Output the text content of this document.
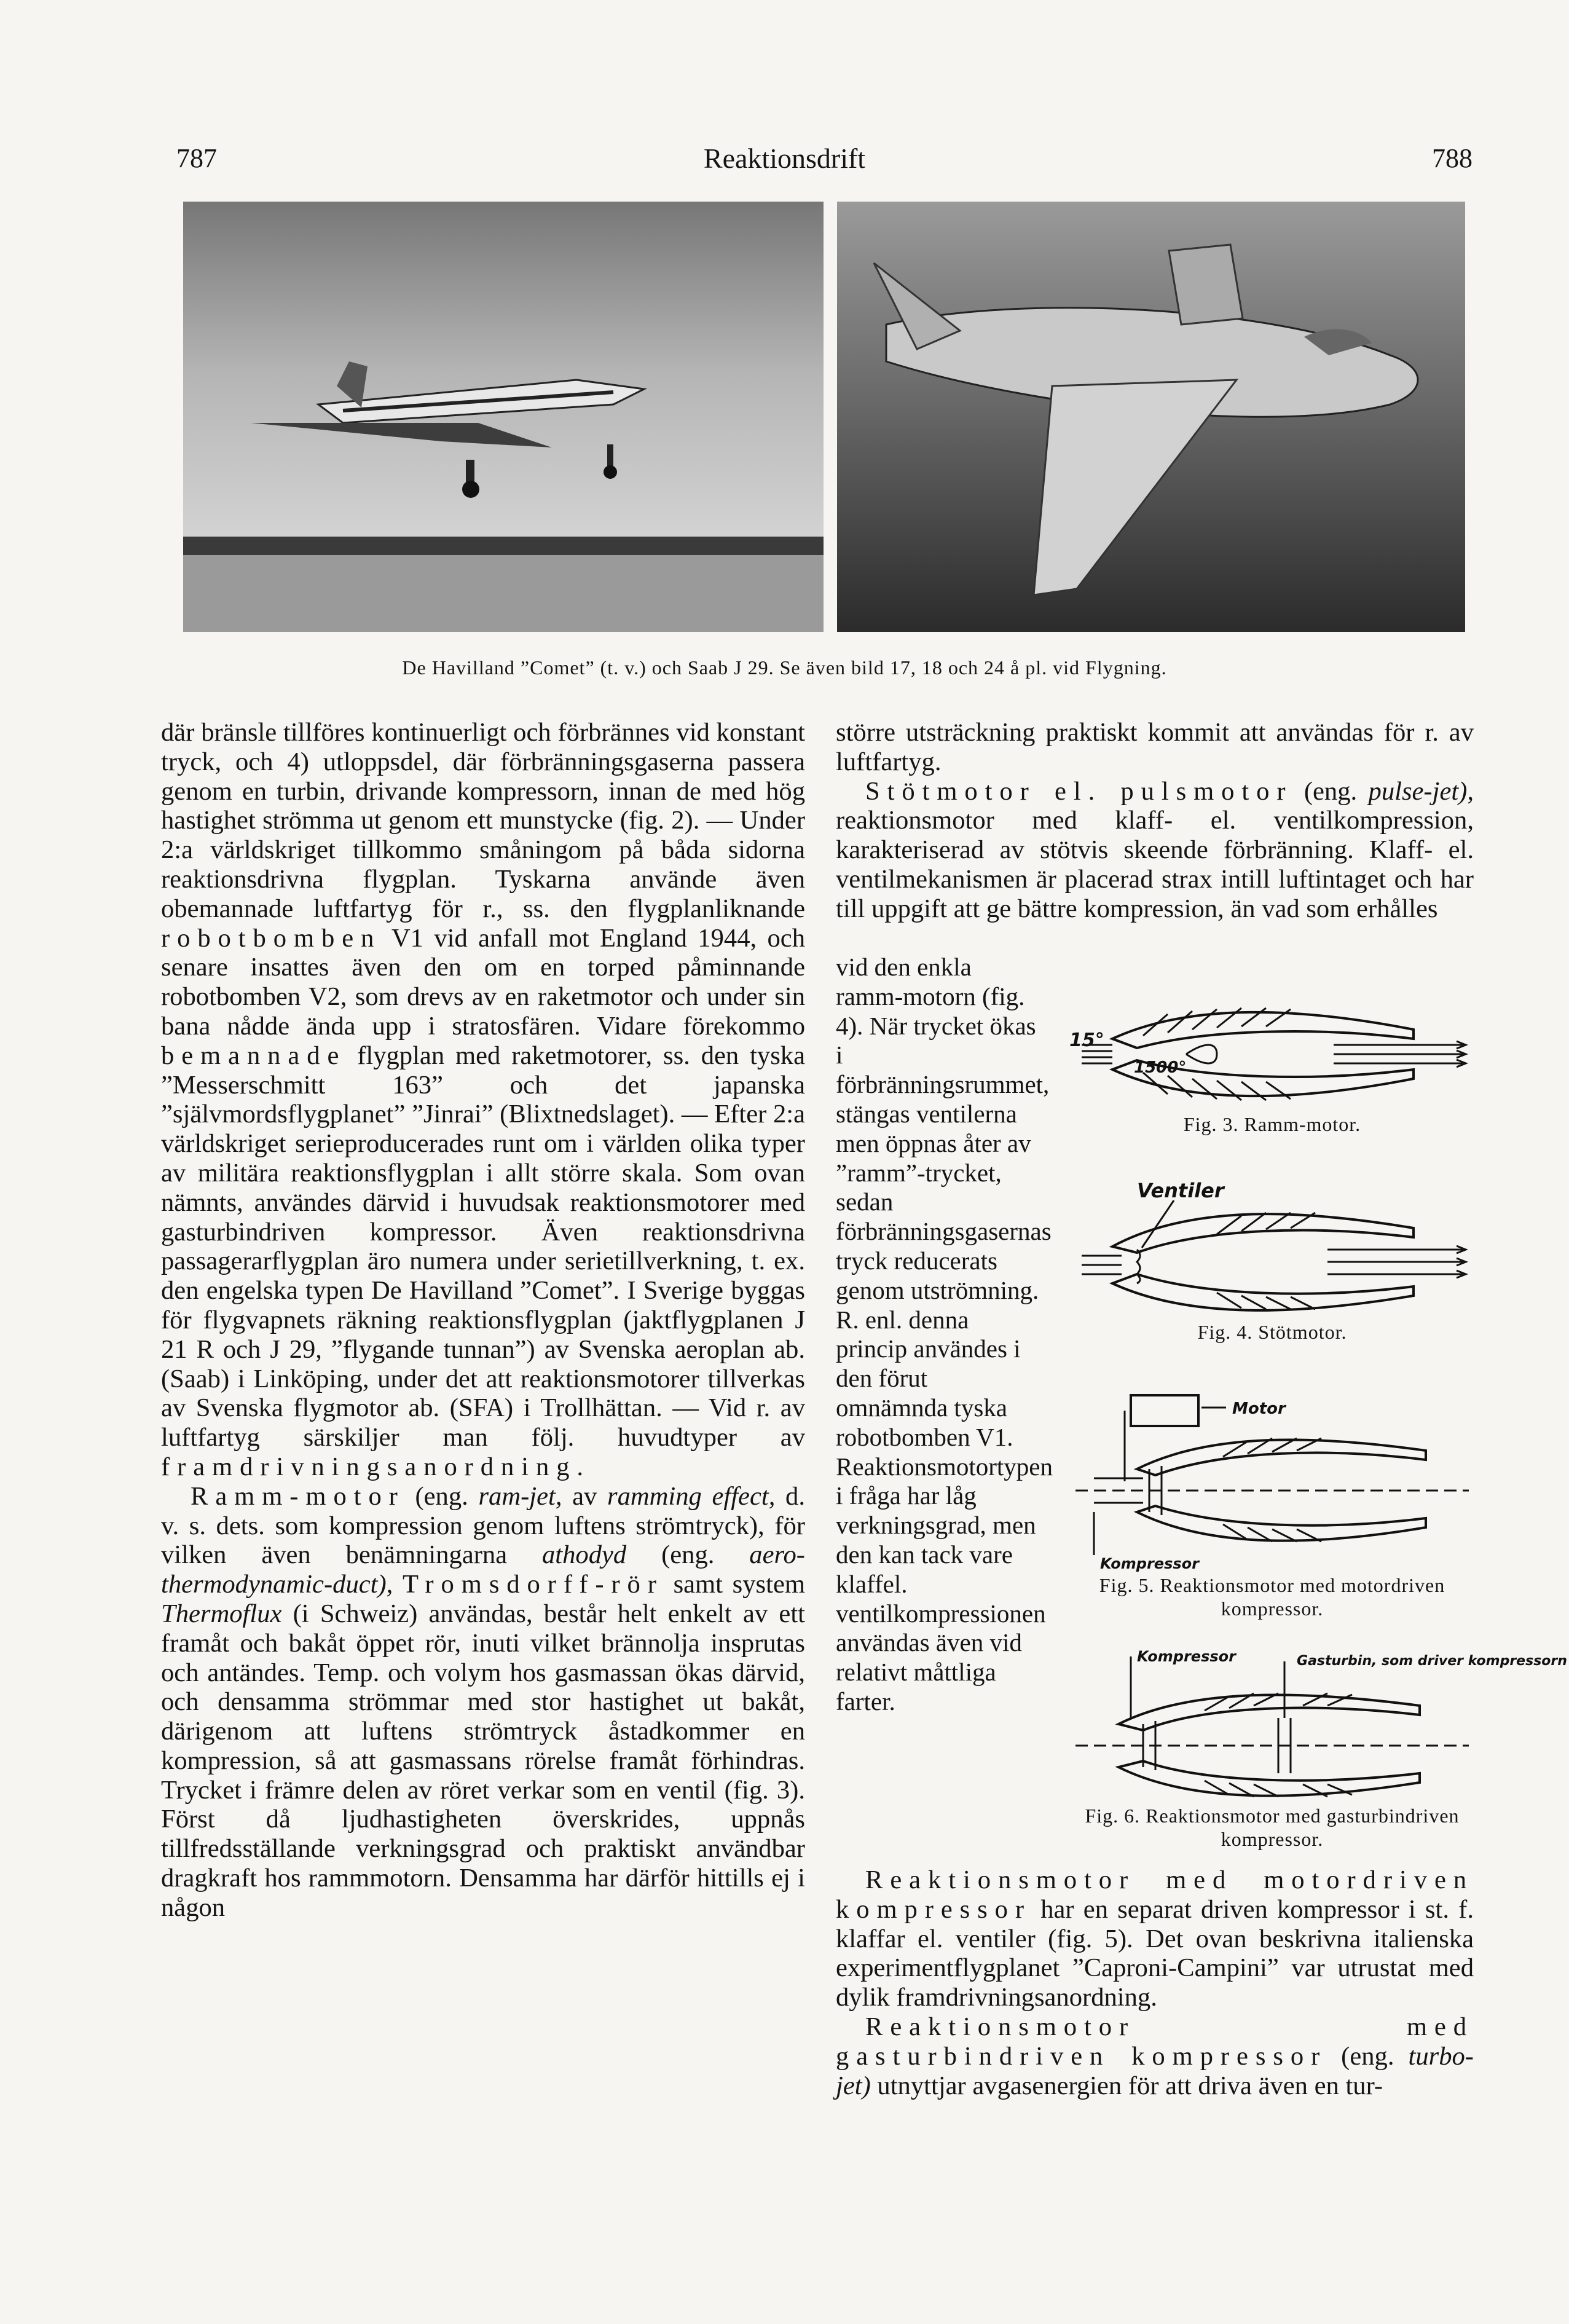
787	Reaktionsdrift	788
De Havilland ”Comet” (t. v.) och Saab J 29. Se även bild 17, 18 och 24 å pl. vid Flygning.

där bränsle tillföres kontinuerligt och förbrännes vid konstant tryck, och 4) utloppsdel, där förbränningsgaserna passera genom en turbin, drivande kompressorn, innan de med hög hastighet strömma ut genom ett munstycke (fig. 2). — Under 2:a världskriget tillkommo småningom på båda sidorna reaktionsdrivna flygplan. Tyskarna använde även obemannade luftfartyg för r., ss. den flygplanliknande robotbomben V1 vid anfall mot England 1944, och senare insattes även den om en torped påminnande robotbomben V2, som drevs av en raketmotor och under sin bana nådde ända upp i stratosfären. Vidare förekommo bemannade flygplan med raketmotorer, ss. den tyska ”Messerschmitt 163” och det japanska ”självmordsflygplanet” ”Jinrai” (Blixtnedslaget). — Efter 2:a världskriget serieproducerades runt om i världen olika typer av militära reaktionsflygplan i allt större skala. Som ovan nämnts, användes därvid i huvudsak reaktionsmotorer med gasturbindriven kompressor. Även reaktionsdrivna passagerarflygplan äro numera under serietillverkning, t. ex. den engelska typen De Havilland ”Comet”. I Sverige byggas för flygvapnets räkning reaktionsflygplan (jaktflygplanen J 21 R och J 29, ”flygande tunnan”) av Svenska aeroplan ab. (Saab) i Linköping, under det att reaktionsmotorer tillverkas av Svenska flygmotor ab. (SFA) i Trollhättan. — Vid r. av luftfartyg särskiljer man följ. huvudtyper av framdrivningsanordning.

Ramm-motor (eng. ram-jet, av ramming effect, d. v. s. dets. som kompression genom luftens strömtryck), för vilken även benämningarna athodyd (eng. aero- thermodynamic-duct), Tromsdorff-rör samt system Thermoflux (i Schweiz) användas, består helt enkelt av ett framåt och bakåt öppet rör, inuti vilket brännolja insprutas och antändes. Temp. och volym hos gasmassan ökas därvid, och densamma strömmar med stor hastighet ut bakåt, därigenom att luftens strömtryck åstadkommer en kompression, så att gasmassans rörelse framåt förhindras. Trycket i främre delen av röret verkar som en ventil (fig. 3). Först då ljudhastigheten överskrides, uppnås tillfredsställande verkningsgrad och praktiskt användbar dragkraft hos rammmotorn. Densamma har därför hittills ej i någon

större utsträckning praktiskt kommit att användas för r. av luftfartyg.

Stötmotor el. pulsmotor (eng. pulse-jet), reaktionsmotor med klaff- el. ventilkompression, karakteriserad av stötvis skeende förbränning. Klaff- el. ventilmekanismen är placerad strax intill luftintaget och har till uppgift att ge bättre kompression, än vad som erhålles

vid den enkla ramm-motorn (fig. 4). När trycket ökas i förbränningsrummet, stängas ventilerna men öppnas åter av ”ramm”-trycket, sedan förbränningsgasernas tryck reducerats genom utströmning. R. enl. denna princip användes i den förut omnämnda tyska robotbomben V1. Reaktionsmotortypen i fråga har låg verkningsgrad, men den kan tack vare klaffel. ventilkompressionen användas även vid relativt måttliga farter.

15°
1500°
Fig. 3. Ramm-motor.
Ventiler
Fig. 4. Stötmotor.
Motor
Kompressor
Fig. 5. Reaktionsmotor med motordriven kompressor.
Kompressor	Gasturbin, som driver kompressorn
Fig. 6. Reaktionsmotor med gasturbindriven kompressor.

Reaktionsmotor med motordriven kompressor har en separat driven kompressor i st. f. klaffar el. ventiler (fig. 5). Det ovan beskrivna italienska experimentflygplanet ”Caproni-Campini” var utrustat med dylik framdrivningsanordning.

Reaktionsmotor med gasturbindriven kompressor (eng. turbo-jet) utnyttjar avgasenergien för att driva även en tur-
